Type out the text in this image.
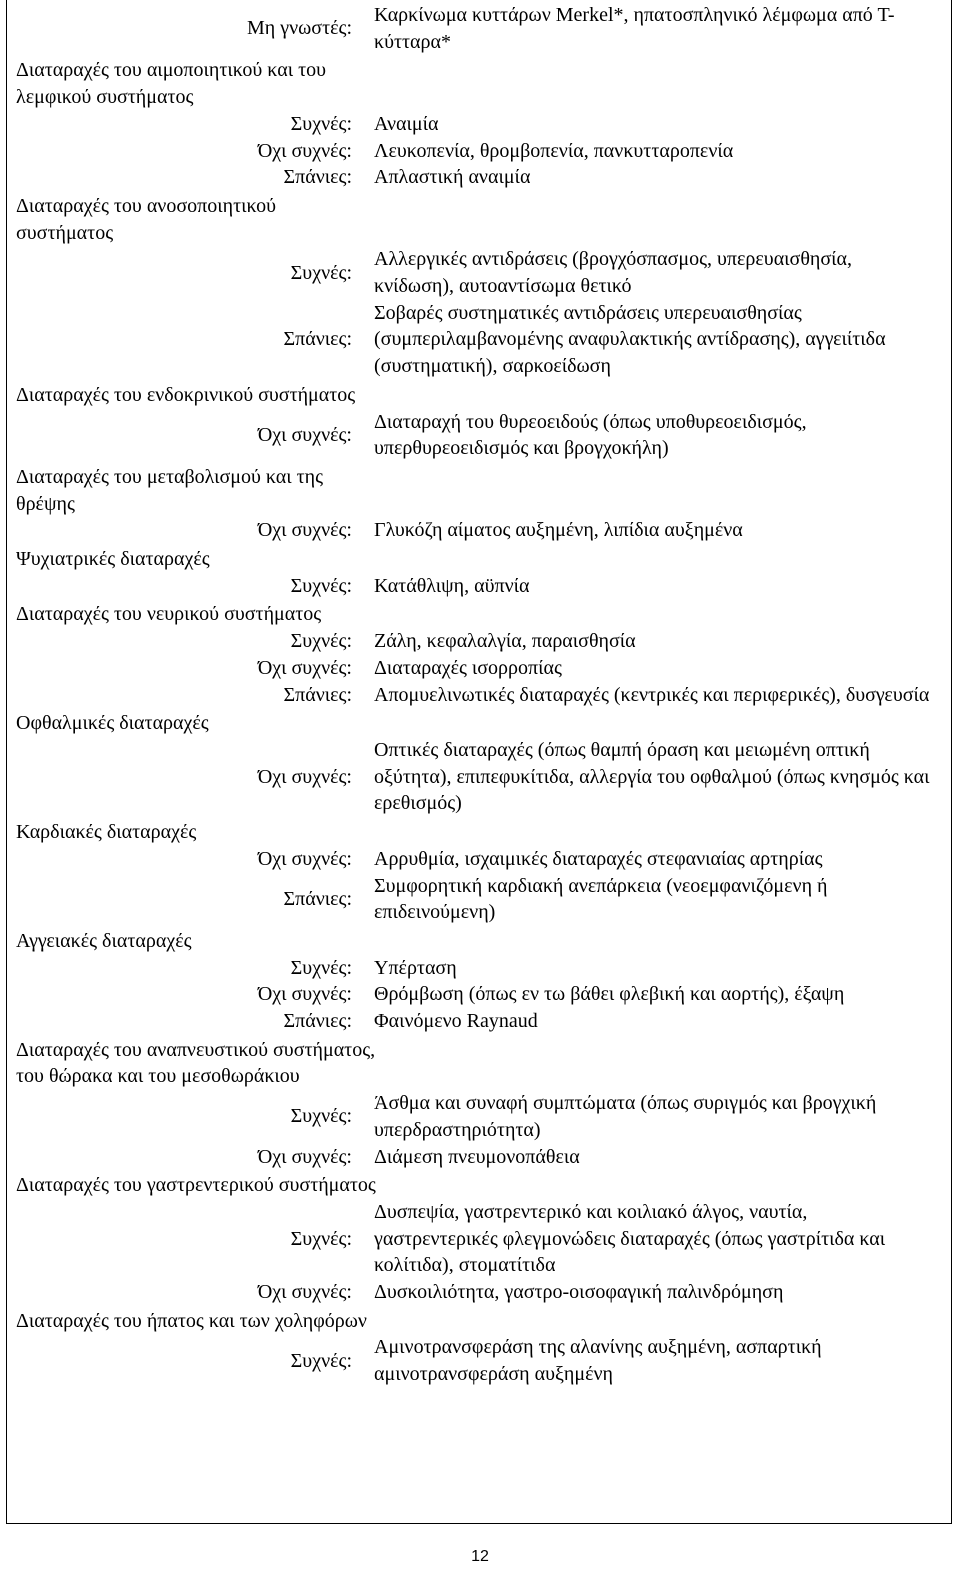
Μη γνωστές:
Καρκίνωμα κυττάρων Merkel*, ηπατοσπληνικό λέμφωμα από Τ-κύτταρα*
Διαταραχές του αιμοποιητικού και του λεμφικού συστήματος
Συχνές: Αναιμία
Όχι συχνές: Λευκοπενία, θρομβοπενία, πανκυτταροπενία
Σπάνιες: Απλαστική αναιμία
Διαταραχές του ανοσοποιητικού συστήματος
Συχνές:
Αλλεργικές αντιδράσεις (βρογχόσπασμος, υπερευαισθησία, κνίδωση), αυτοαντίσωμα θετικό
Σπάνιες:
Σοβαρές συστηματικές αντιδράσεις υπερευαισθησίας (συμπεριλαμβανομένης αναφυλακτικής αντίδρασης), αγγειίτιδα (συστηματική), σαρκοείδωση
Διαταραχές του ενδοκρινικού συστήματος
Όχι συχνές:
Διαταραχή του θυρεοειδούς (όπως υποθυρεοειδισμός, υπερθυρεοειδισμός και βρογχοκήλη)
Διαταραχές του μεταβολισμού και της θρέψης
Όχι συχνές: Γλυκόζη αίματος αυξημένη, λιπίδια αυξημένα
Ψυχιατρικές διαταραχές
Συχνές: Κατάθλιψη, αϋπνία
Διαταραχές του νευρικού συστήματος
Συχνές: Ζάλη, κεφαλαλγία, παραισθησία
Όχι συχνές: Διαταραχές ισορροπίας
Σπάνιες: Απομυελινωτικές διαταραχές (κεντρικές και περιφερικές), δυσγευσία
Οφθαλμικές διαταραχές
Όχι συχνές:
Οπτικές διαταραχές (όπως θαμπή όραση και μειωμένη οπτική οξύτητα), επιπεφυκίτιδα, αλλεργία του οφθαλμού (όπως κνησμός και ερεθισμός)
Καρδιακές διαταραχές
Όχι συχνές: Αρρυθμία, ισχαιμικές διαταραχές στεφανιαίας αρτηρίας
Σπάνιες:
Συμφορητική καρδιακή ανεπάρκεια (νεοεμφανιζόμενη ή επιδεινούμενη)
Αγγειακές διαταραχές
Συχνές: Υπέρταση
Όχι συχνές: Θρόμβωση (όπως εν τω βάθει φλεβική και αορτής), έξαψη
Σπάνιες: Φαινόμενο Raynaud
Διαταραχές του αναπνευστικού συστήματος, του θώρακα και του μεσοθωράκιου
Συχνές:
Άσθμα και συναφή συμπτώματα (όπως συριγμός και βρογχική υπερδραστηριότητα)
Όχι συχνές: Διάμεση πνευμονοπάθεια
Διαταραχές του γαστρεντερικού συστήματος
Συχνές:
Δυσπεψία, γαστρεντερικό και κοιλιακό άλγος, ναυτία, γαστρεντερικές φλεγμονώδεις διαταραχές (όπως γαστρίτιδα και κολίτιδα), στοματίτιδα
Όχι συχνές: Δυσκοιλιότητα, γαστρο-οισοφαγική παλινδρόμηση
Διαταραχές του ήπατος και των χοληφόρων
Συχνές:
Αμινοτρανσφεράση της αλανίνης αυξημένη, ασπαρτική αμινοτρανσφεράση αυξημένη
12
